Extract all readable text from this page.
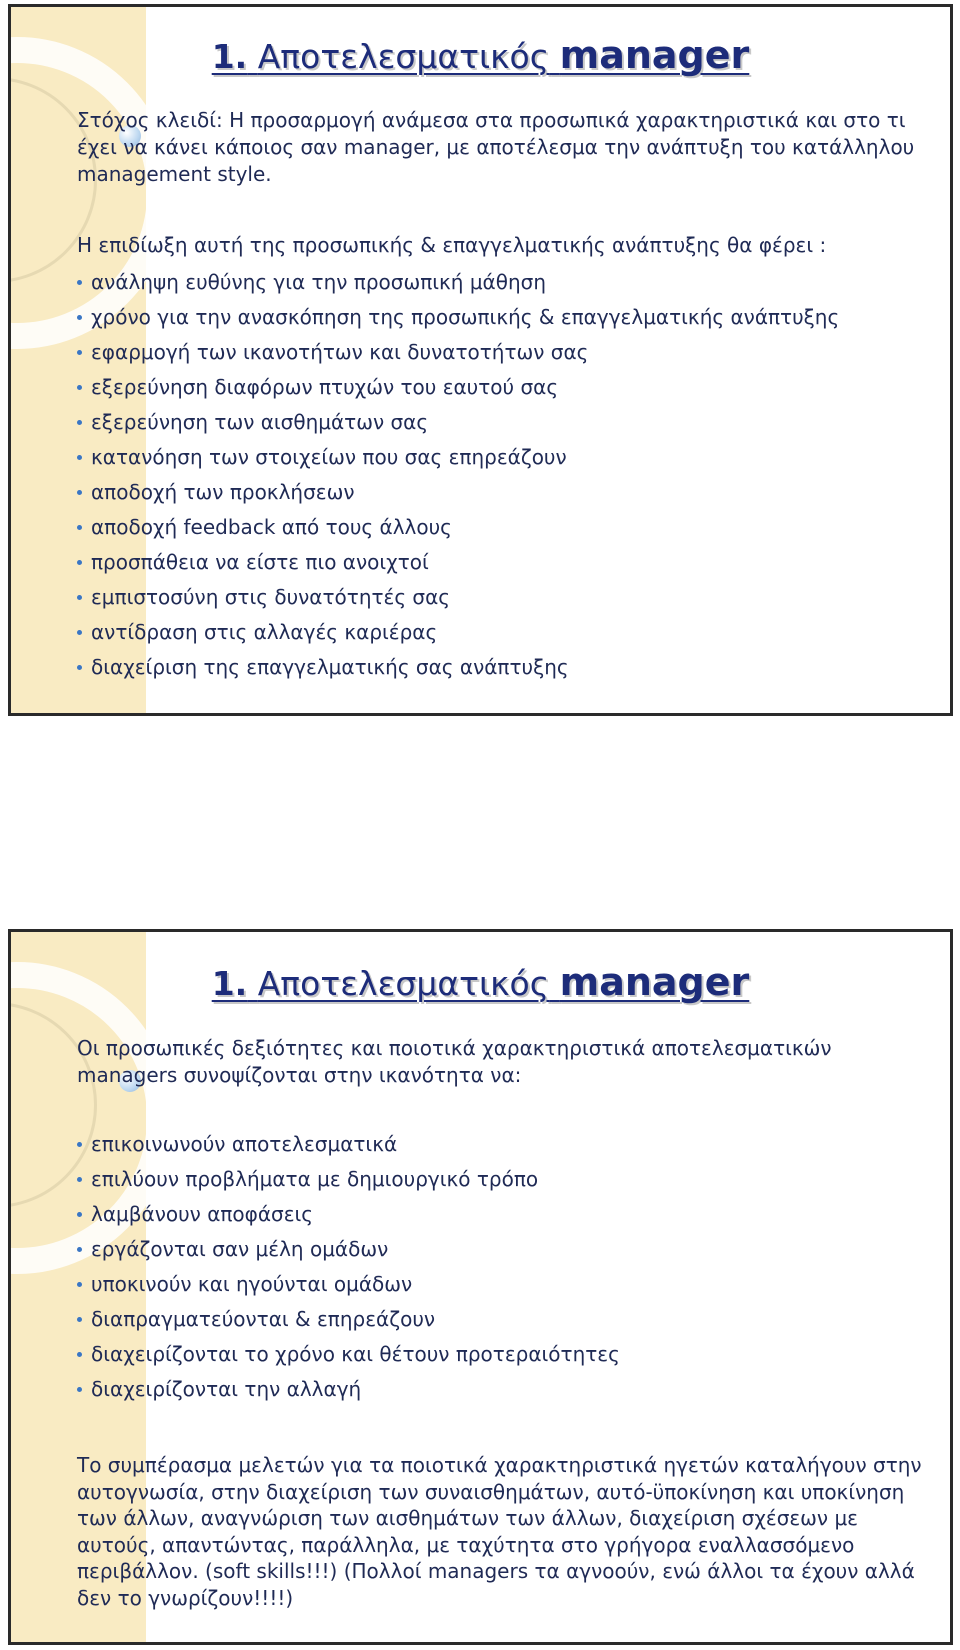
1. Αποτελεσματικός manager
Στόχος κλειδί: Η προσαρμογή ανάμεσα στα προσωπικά χαρακτηριστικά και στο τι έχει να κάνει κάποιος σαν manager, με αποτέλεσμα την ανάπτυξη του κατάλληλου management style.
Η επιδίωξη αυτή της προσωπικής & επαγγελματικής ανάπτυξης θα φέρει :
ανάληψη ευθύνης για την προσωπική μάθηση
χρόνο για την ανασκόπηση της προσωπικής & επαγγελματικής ανάπτυξης
εφαρμογή των ικανοτήτων και δυνατοτήτων σας
εξερεύνηση διαφόρων πτυχών του εαυτού σας
εξερεύνηση των αισθημάτων σας
κατανόηση των στοιχείων που σας επηρεάζουν
αποδοχή των προκλήσεων
αποδοχή feedback από τους άλλους
προσπάθεια να είστε πιο ανοιχτοί
εμπιστοσύνη στις δυνατότητές σας
αντίδραση στις αλλαγές καριέρας
διαχείριση της επαγγελματικής σας ανάπτυξης
1. Αποτελεσματικός manager
Οι προσωπικές δεξιότητες και ποιοτικά χαρακτηριστικά αποτελεσματικών managers συνοψίζονται στην ικανότητα να:
επικοινωνούν αποτελεσματικά
επιλύουν προβλήματα με δημιουργικό τρόπο
λαμβάνουν αποφάσεις
εργάζονται σαν μέλη ομάδων
υποκινούν και ηγούνται ομάδων
διαπραγματεύονται & επηρεάζουν
διαχειρίζονται το χρόνο και θέτουν προτεραιότητες
διαχειρίζονται την αλλαγή
Το συμπέρασμα μελετών για τα ποιοτικά χαρακτηριστικά ηγετών καταλήγουν στην αυτογνωσία, στην διαχείριση των συναισθημάτων, αυτό-ϋποκίνηση και υποκίνηση των άλλων, αναγνώριση των αισθημάτων των άλλων, διαχείριση σχέσεων με αυτούς, απαντώντας, παράλληλα, με ταχύτητα στο γρήγορα εναλλασσόμενο περιβάλλον. (soft skills!!!) (Πολλοί managers τα αγνοούν, ενώ άλλοι τα έχουν αλλά δεν το γνωρίζουν!!!!)
